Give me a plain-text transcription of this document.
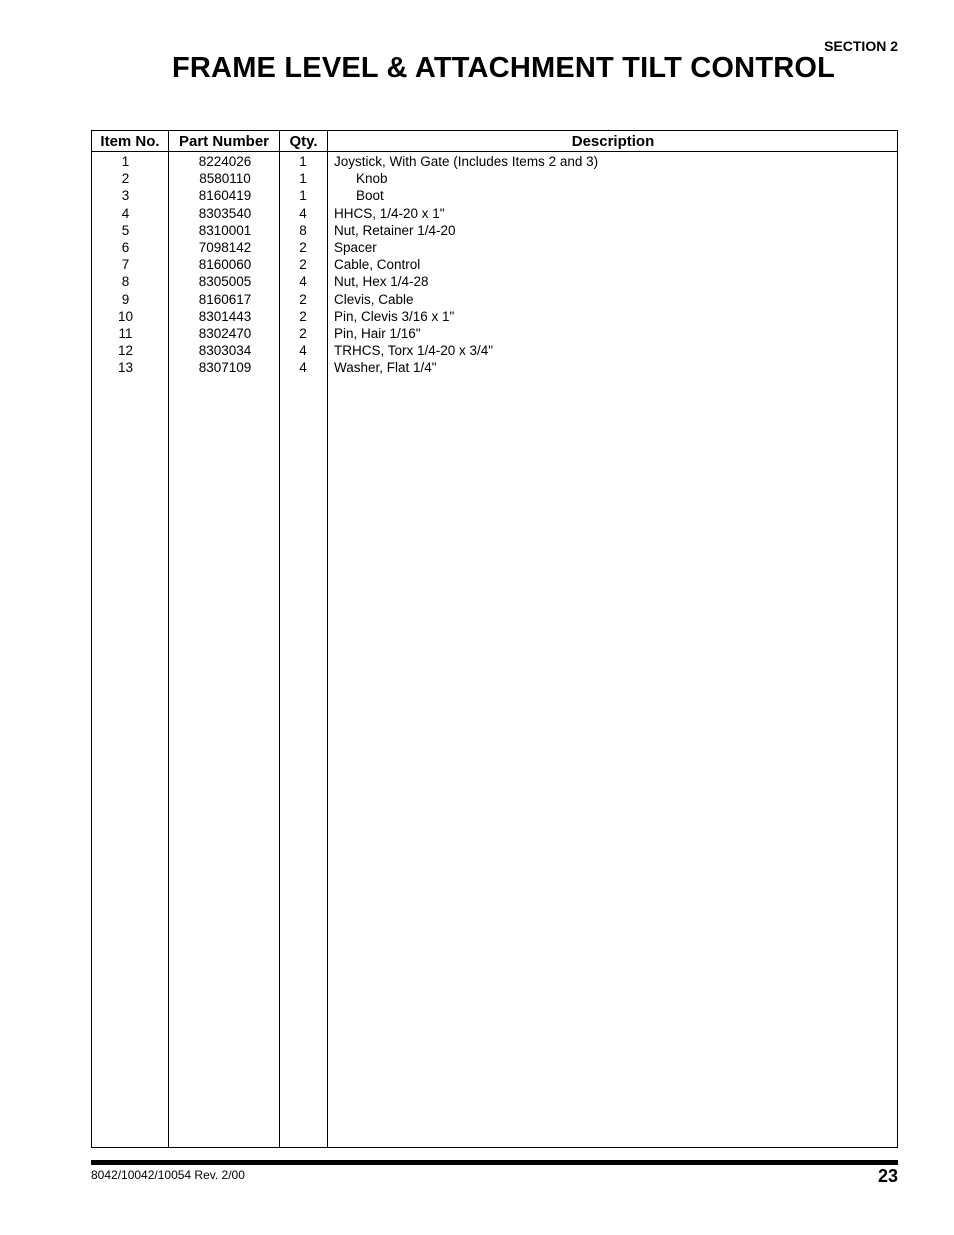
SECTION 2
FRAME LEVEL & ATTACHMENT TILT CONTROL
Item No.	Part Number	Qty.	Description
1	8224026	1	Joystick, With Gate (Includes Items 2 and 3)
2	8580110	1	Knob
3	8160419	1	Boot
4	8303540	4	HHCS, 1/4-20 x 1"
5	8310001	8	Nut, Retainer 1/4-20
6	7098142	2	Spacer
7	8160060	2	Cable, Control
8	8305005	4	Nut, Hex 1/4-28
9	8160617	2	Clevis, Cable
10	8301443	2	Pin, Clevis 3/16 x 1"
11	8302470	2	Pin, Hair 1/16"
12	8303034	4	TRHCS, Torx 1/4-20 x 3/4"
13	8307109	4	Washer, Flat 1/4"
8042/10042/10054 Rev. 2/00	23
